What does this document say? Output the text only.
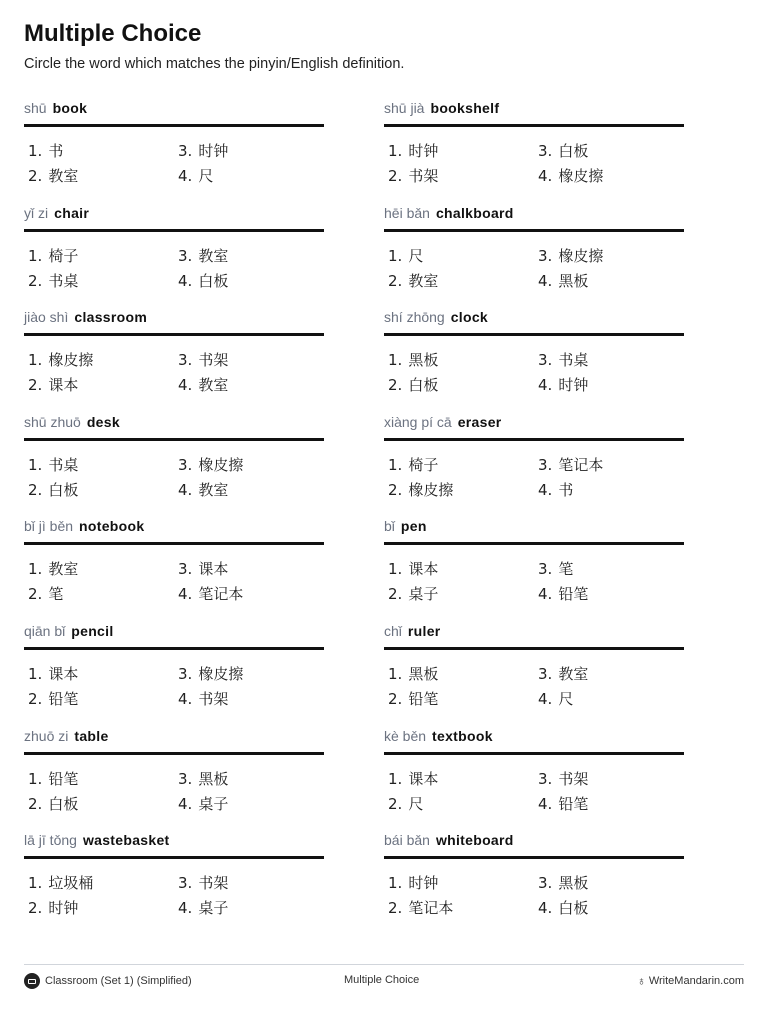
Multiple Choice
Circle the word which matches the pinyin/English definition.
shū book
1. 书
2. 教室
3. 时钟
4. 尺
shū jià bookshelf
1. 时钟
2. 书架
3. 白板
4. 橡皮擦
yǐ zi chair
1. 椅子
2. 书桌
3. 教室
4. 白板
hēi bǎn chalkboard
1. 尺
2. 教室
3. 橡皮擦
4. 黑板
jiào shì classroom
1. 橡皮擦
2. 课本
3. 书架
4. 教室
shí zhōng clock
1. 黑板
2. 白板
3. 书桌
4. 时钟
shū zhuō desk
1. 书桌
2. 白板
3. 橡皮擦
4. 教室
xiàng pí cā eraser
1. 椅子
2. 橡皮擦
3. 笔记本
4. 书
bǐ jì běn notebook
1. 教室
2. 笔
3. 课本
4. 笔记本
bǐ pen
1. 课本
2. 桌子
3. 笔
4. 铅笔
qiān bǐ pencil
1. 课本
2. 铅笔
3. 橡皮擦
4. 书架
chǐ ruler
1. 黑板
2. 铅笔
3. 教室
4. 尺
zhuō zi table
1. 铅笔
2. 白板
3. 黑板
4. 桌子
kè běn textbook
1. 课本
2. 尺
3. 书架
4. 铅笔
lā jī tǒng wastebasket
1. 垃圾桶
2. 时钟
3. 书架
4. 桌子
bái bǎn whiteboard
1. 时钟
2. 笔记本
3. 黑板
4. 白板
Classroom (Set 1) (Simplified)	Multiple Choice	♁ WriteMandarin.com
